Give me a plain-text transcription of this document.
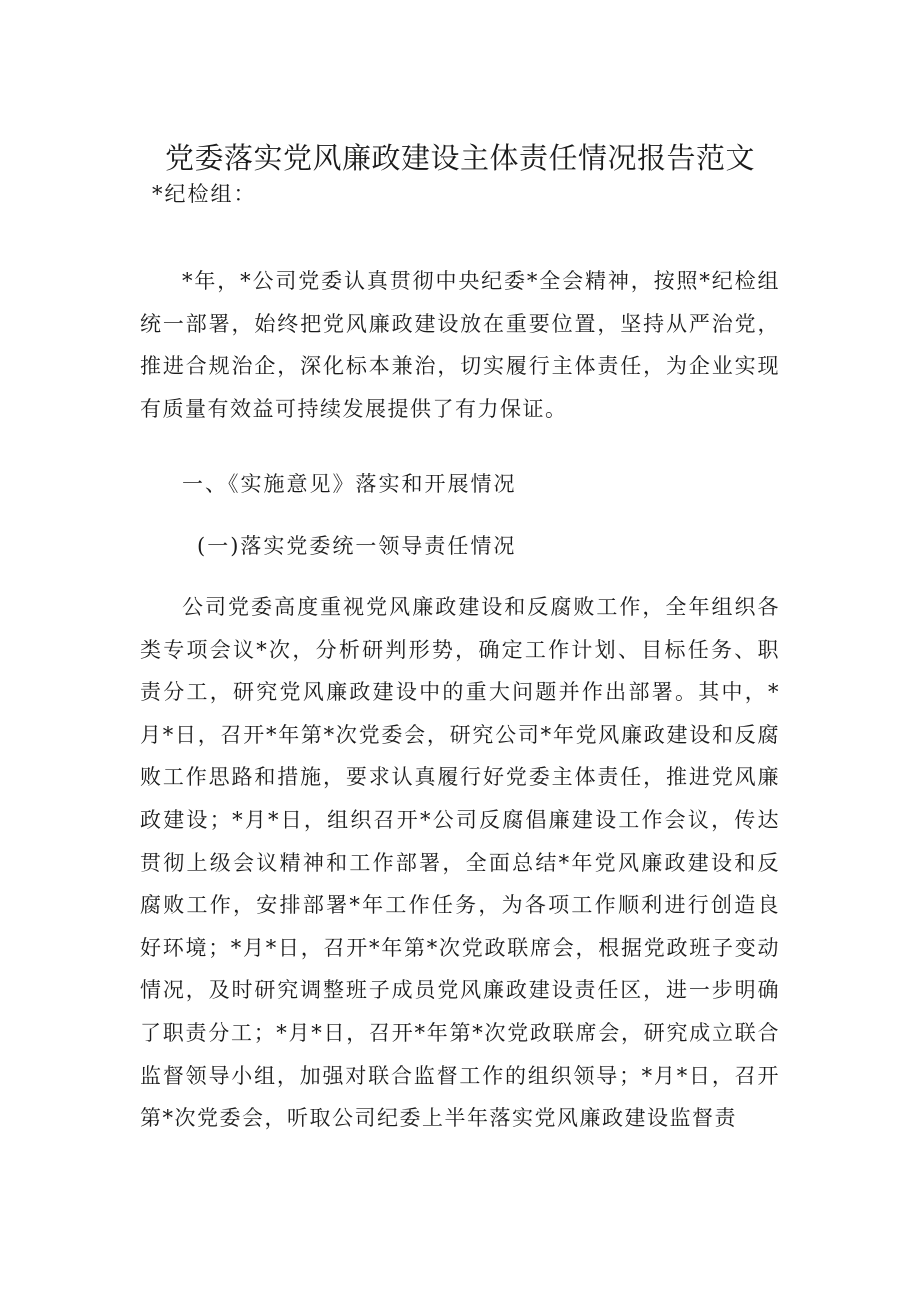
党委落实党风廉政建设主体责任情况报告范文

*纪检组：

*年，*公司党委认真贯彻中央纪委*全会精神，按照*纪检组统一部署，始终把党风廉政建设放在重要位置，坚持从严治党，推进合规治企，深化标本兼治，切实履行主体责任，为企业实现有质量有效益可持续发展提供了有力保证。

一、《实施意见》落实和开展情况

(一)落实党委统一领导责任情况

公司党委高度重视党风廉政建设和反腐败工作，全年组织各类专项会议*次，分析研判形势，确定工作计划、目标任务、职责分工，研究党风廉政建设中的重大问题并作出部署。其中，*月*日，召开*年第*次党委会，研究公司*年党风廉政建设和反腐败工作思路和措施，要求认真履行好党委主体责任，推进党风廉政建设；*月*日，组织召开*公司反腐倡廉建设工作会议，传达贯彻上级会议精神和工作部署，全面总结*年党风廉政建设和反腐败工作，安排部署*年工作任务，为各项工作顺利进行创造良好环境；*月*日，召开*年第*次党政联席会，根据党政班子变动情况，及时研究调整班子成员党风廉政建设责任区，进一步明确了职责分工；*月*日，召开*年第*次党政联席会，研究成立联合监督领导小组，加强对联合监督工作的组织领导；*月*日，召开第*次党委会，听取公司纪委上半年落实党风廉政建设监督责
